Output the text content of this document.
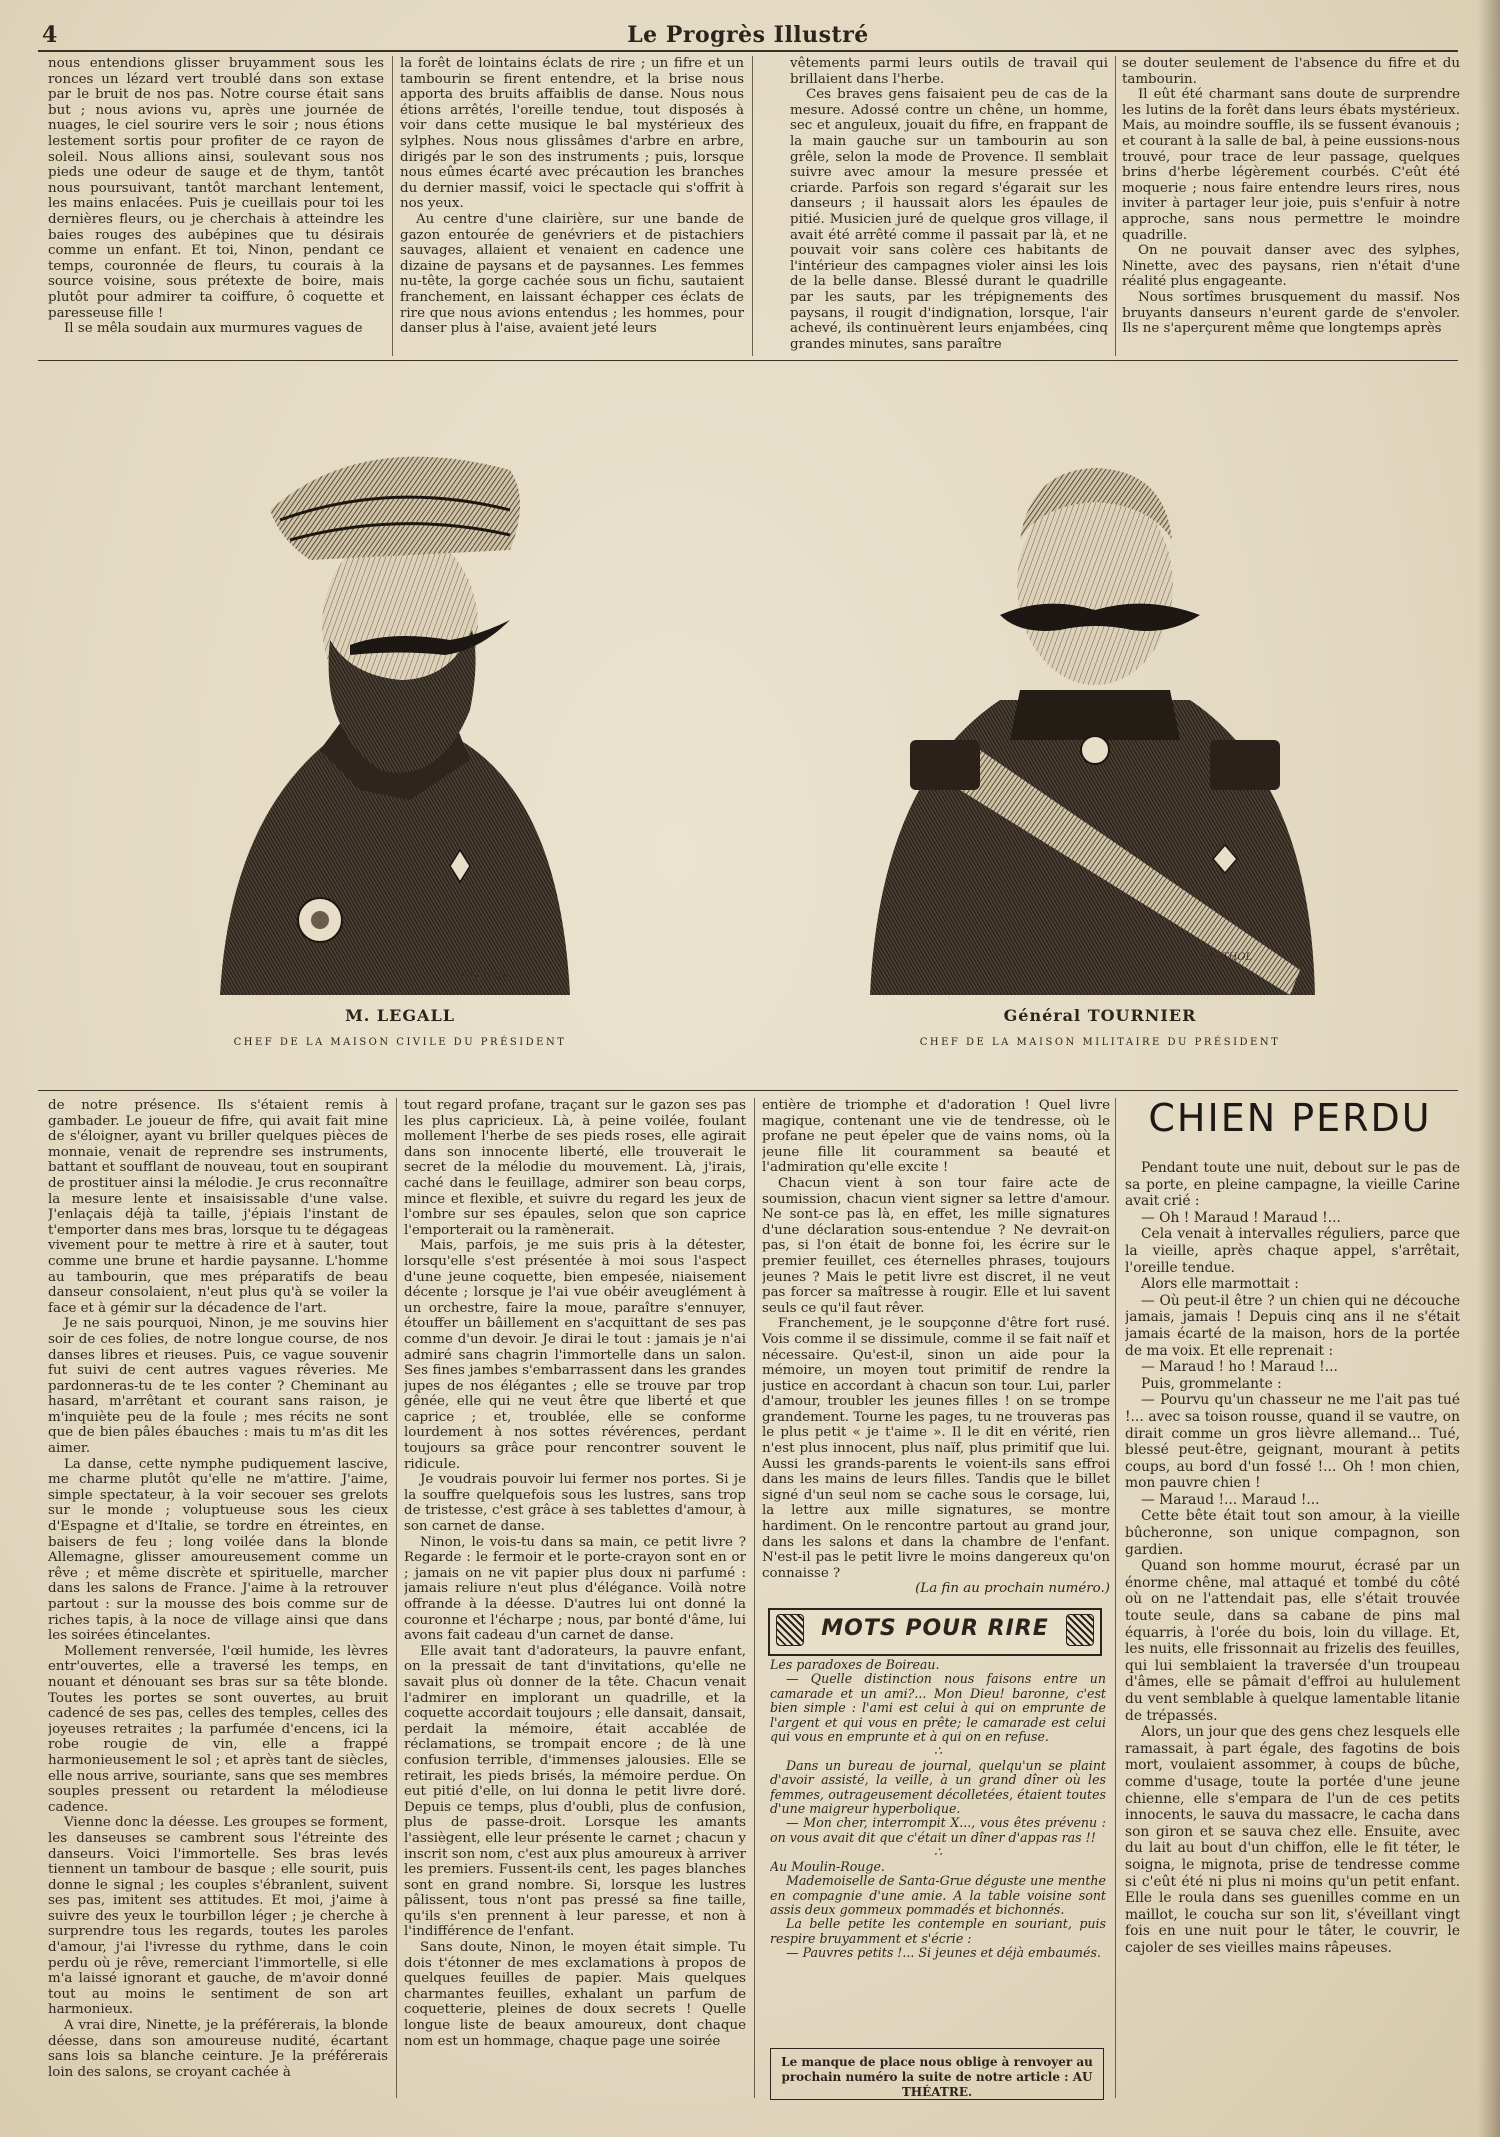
4	Le Progrès Illustré

nous entendions glisser bruyamment sous les ronces un lézard vert troublé dans son extase par le bruit de nos pas. Notre course était sans but ; nous avions vu, après une journée de nuages, le ciel sourire vers le soir ; nous étions lestement sortis pour profiter de ce rayon de soleil. Nous allions ainsi, soulevant sous nos pieds une odeur de sauge et de thym, tantôt nous poursuivant, tantôt marchant lentement, les mains enlacées. Puis je cueillais pour toi les dernières fleurs, ou je cherchais à atteindre les baies rouges des aubépines que tu désirais comme un enfant. Et toi, Ninon, pendant ce temps, couronnée de fleurs, tu courais à la source voisine, sous prétexte de boire, mais plutôt pour admirer ta coiffure, ô coquette et paresseuse fille !

Il se mêla soudain aux murmures vagues de

la forêt de lointains éclats de rire ; un fifre et un tambourin se firent entendre, et la brise nous apporta des bruits affaiblis de danse. Nous nous étions arrêtés, l'oreille tendue, tout disposés à voir dans cette musique le bal mystérieux des sylphes. Nous nous glissâmes d'arbre en arbre, dirigés par le son des instruments ; puis, lorsque nous eûmes écarté avec précaution les branches du dernier massif, voici le spectacle qui s'offrit à nos yeux.

Au centre d'une clairière, sur une bande de gazon entourée de genévriers et de pistachiers sauvages, allaient et venaient en cadence une dizaine de paysans et de paysannes. Les femmes nu-tête, la gorge cachée sous un fichu, sautaient franchement, en laissant échapper ces éclats de rire que nous avions entendus ; les hommes, pour danser plus à l'aise, avaient jeté leurs

vêtements parmi leurs outils de travail qui brillaient dans l'herbe.

Ces braves gens faisaient peu de cas de la mesure. Adossé contre un chêne, un homme, sec et anguleux, jouait du fifre, en frappant de la main gauche sur un tambourin au son grêle, selon la mode de Provence. Il semblait suivre avec amour la mesure pressée et criarde. Parfois son regard s'égarait sur les danseurs ; il haussait alors les épaules de pitié. Musicien juré de quelque gros village, il avait été arrêté comme il passait par là, et ne pouvait voir sans colère ces habitants de l'intérieur des campagnes violer ainsi les lois de la belle danse. Blessé durant le quadrille par les sauts, par les trépignements des paysans, il rougit d'indignation, lorsque, l'air achevé, ils continuèrent leurs enjambées, cinq grandes minutes, sans paraître

se douter seulement de l'absence du fifre et du tambourin.

Il eût été charmant sans doute de surprendre les lutins de la forêt dans leurs ébats mystérieux. Mais, au moindre souffle, ils se fussent évanouis ; et courant à la salle de bal, à peine eussions-nous trouvé, pour trace de leur passage, quelques brins d'herbe légèrement courbés. C'eût été moquerie ; nous faire entendre leurs rires, nous inviter à partager leur joie, puis s'enfuir à notre approche, sans nous permettre le moindre quadrille.

On ne pouvait danser avec des sylphes, Ninette, avec des paysans, rien n'était d'une réalité plus engageante.

Nous sortîmes brusquement du massif. Nos bruyants danseurs n'eurent garde de s'envoler. Ils ne s'aperçurent même que longtemps après

BARTHOL
M. LEGALL
CHEF DE LA MAISON CIVILE DU PRÉSIDENT
BARTHOL
Général TOURNIER
CHEF DE LA MAISON MILITAIRE DU PRÉSIDENT

de notre présence. Ils s'étaient remis à gambader. Le joueur de fifre, qui avait fait mine de s'éloigner, ayant vu briller quelques pièces de monnaie, venait de reprendre ses instruments, battant et soufflant de nouveau, tout en soupirant de prostituer ainsi la mélodie. Je crus reconnaître la mesure lente et insaisissable d'une valse. J'enlaçais déjà ta taille, j'épiais l'instant de t'emporter dans mes bras, lorsque tu te dégageas vivement pour te mettre à rire et à sauter, tout comme une brune et hardie paysanne. L'homme au tambourin, que mes préparatifs de beau danseur consolaient, n'eut plus qu'à se voiler la face et à gémir sur la décadence de l'art.

Je ne sais pourquoi, Ninon, je me souvins hier soir de ces folies, de notre longue course, de nos danses libres et rieuses. Puis, ce vague souvenir fut suivi de cent autres vagues rêveries. Me pardonneras-tu de te les conter ? Cheminant au hasard, m'arrêtant et courant sans raison, je m'inquiète peu de la foule ; mes récits ne sont que de bien pâles ébauches : mais tu m'as dit les aimer.

La danse, cette nymphe pudiquement lascive, me charme plutôt qu'elle ne m'attire. J'aime, simple spectateur, à la voir secouer ses grelots sur le monde ; voluptueuse sous les cieux d'Espagne et d'Italie, se tordre en étreintes, en baisers de feu ; long voilée dans la blonde Allemagne, glisser amoureusement comme un rêve ; et même discrète et spirituelle, marcher dans les salons de France. J'aime à la retrouver partout : sur la mousse des bois comme sur de riches tapis, à la noce de village ainsi que dans les soirées étincelantes.

Mollement renversée, l'œil humide, les lèvres entr'ouvertes, elle a traversé les temps, en nouant et dénouant ses bras sur sa tête blonde. Toutes les portes se sont ouvertes, au bruit cadencé de ses pas, celles des temples, celles des joyeuses retraites ; la parfumée d'encens, ici la robe rougie de vin, elle a frappé harmonieusement le sol ; et après tant de siècles, elle nous arrive, souriante, sans que ses membres souples pressent ou retardent la mélodieuse cadence.

Vienne donc la déesse. Les groupes se forment, les danseuses se cambrent sous l'étreinte des danseurs. Voici l'immortelle. Ses bras levés tiennent un tambour de basque ; elle sourit, puis donne le signal ; les couples s'ébranlent, suivent ses pas, imitent ses attitudes. Et moi, j'aime à suivre des yeux le tourbillon léger ; je cherche à surprendre tous les regards, toutes les paroles d'amour, j'ai l'ivresse du rythme, dans le coin perdu où je rêve, remerciant l'immortelle, si elle m'a laissé ignorant et gauche, de m'avoir donné tout au moins le sentiment de son art harmonieux.

A vrai dire, Ninette, je la préférerais, la blonde déesse, dans son amoureuse nudité, écartant sans lois sa blanche ceinture. Je la préférerais loin des salons, se croyant cachée à

tout regard profane, traçant sur le gazon ses pas les plus capricieux. Là, à peine voilée, foulant mollement l'herbe de ses pieds roses, elle agirait dans son innocente liberté, elle trouverait le secret de la mélodie du mouvement. Là, j'irais, caché dans le feuillage, admirer son beau corps, mince et flexible, et suivre du regard les jeux de l'ombre sur ses épaules, selon que son caprice l'emporterait ou la ramènerait.

Mais, parfois, je me suis pris à la détester, lorsqu'elle s'est présentée à moi sous l'aspect d'une jeune coquette, bien empesée, niaisement décente ; lorsque je l'ai vue obéir aveuglément à un orchestre, faire la moue, paraître s'ennuyer, étouffer un bâillement en s'acquittant de ses pas comme d'un devoir. Je dirai le tout : jamais je n'ai admiré sans chagrin l'immortelle dans un salon. Ses fines jambes s'embarrassent dans les grandes jupes de nos élégantes ; elle se trouve par trop gênée, elle qui ne veut être que liberté et que caprice ; et, troublée, elle se conforme lourdement à nos sottes révérences, perdant toujours sa grâce pour rencontrer souvent le ridicule.

Je voudrais pouvoir lui fermer nos portes. Si je la souffre quelquefois sous les lustres, sans trop de tristesse, c'est grâce à ses tablettes d'amour, à son carnet de danse.

Ninon, le vois-tu dans sa main, ce petit livre ? Regarde : le fermoir et le porte-crayon sont en or ; jamais on ne vit papier plus doux ni parfumé : jamais reliure n'eut plus d'élégance. Voilà notre offrande à la déesse. D'autres lui ont donné la couronne et l'écharpe ; nous, par bonté d'âme, lui avons fait cadeau d'un carnet de danse.

Elle avait tant d'adorateurs, la pauvre enfant, on la pressait de tant d'invitations, qu'elle ne savait plus où donner de la tête. Chacun venait l'admirer en implorant un quadrille, et la coquette accordait toujours ; elle dansait, dansait, perdait la mémoire, était accablée de réclamations, se trompait encore ; de là une confusion terrible, d'immenses jalousies. Elle se retirait, les pieds brisés, la mémoire perdue. On eut pitié d'elle, on lui donna le petit livre doré. Depuis ce temps, plus d'oubli, plus de confusion, plus de passe-droit. Lorsque les amants l'assiègent, elle leur présente le carnet ; chacun y inscrit son nom, c'est aux plus amoureux à arriver les premiers. Fussent-ils cent, les pages blanches sont en grand nombre. Si, lorsque les lustres pâlissent, tous n'ont pas pressé sa fine taille, qu'ils s'en prennent à leur paresse, et non à l'indifférence de l'enfant.

Sans doute, Ninon, le moyen était simple. Tu dois t'étonner de mes exclamations à propos de quelques feuilles de papier. Mais quelques charmantes feuilles, exhalant un parfum de coquetterie, pleines de doux secrets ! Quelle longue liste de beaux amoureux, dont chaque nom est un hommage, chaque page une soirée

entière de triomphe et d'adoration ! Quel livre magique, contenant une vie de tendresse, où le profane ne peut épeler que de vains noms, où la jeune fille lit couramment sa beauté et l'admiration qu'elle excite !

Chacun vient à son tour faire acte de soumission, chacun vient signer sa lettre d'amour. Ne sont-ce pas là, en effet, les mille signatures d'une déclaration sous-entendue ? Ne devrait-on pas, si l'on était de bonne foi, les écrire sur le premier feuillet, ces éternelles phrases, toujours jeunes ? Mais le petit livre est discret, il ne veut pas forcer sa maîtresse à rougir. Elle et lui savent seuls ce qu'il faut rêver.

Franchement, je le soupçonne d'être fort rusé. Vois comme il se dissimule, comme il se fait naïf et nécessaire. Qu'est-il, sinon un aide pour la mémoire, un moyen tout primitif de rendre la justice en accordant à chacun son tour. Lui, parler d'amour, troubler les jeunes filles ! on se trompe grandement. Tourne les pages, tu ne trouveras pas le plus petit « je t'aime ». Il le dit en vérité, rien n'est plus innocent, plus naïf, plus primitif que lui. Aussi les grands-parents le voient-ils sans effroi dans les mains de leurs filles. Tandis que le billet signé d'un seul nom se cache sous le corsage, lui, la lettre aux mille signatures, se montre hardiment. On le rencontre partout au grand jour, dans les salons et dans la chambre de l'enfant. N'est-il pas le petit livre le moins dangereux qu'on connaisse ?

(La fin au prochain numéro.)

MOTS POUR RIRE

Les paradoxes de Boireau.

— Quelle distinction nous faisons entre un camarade et un ami?... Mon Dieu! baronne, c'est bien simple : l'ami est celui à qui on emprunte de l'argent et qui vous en prête; le camarade est celui qui vous en emprunte et à qui on en refuse.

∴

Dans un bureau de journal, quelqu'un se plaint d'avoir assisté, la veille, à un grand dîner où les femmes, outrageusement décolletées, étaient toutes d'une maigreur hyperbolique.

— Mon cher, interrompit X..., vous êtes prévenu : on vous avait dit que c'était un dîner d'appas ras !!

∴

Au Moulin-Rouge.

Mademoiselle de Santa-Grue déguste une menthe en compagnie d'une amie. A la table voisine sont assis deux gommeux pommadés et bichonnés.

La belle petite les contemple en souriant, puis respire bruyamment et s'écrie :

— Pauvres petits !... Si jeunes et déjà embaumés.

Le manque de place nous oblige à renvoyer au prochain numéro la suite de notre article : AU THÉATRE.
CHIEN PERDU

Pendant toute une nuit, debout sur le pas de sa porte, en pleine campagne, la vieille Carine avait crié :

— Oh ! Maraud ! Maraud !...

Cela venait à intervalles réguliers, parce que la vieille, après chaque appel, s'arrêtait, l'oreille tendue.

Alors elle marmottait :

— Où peut-il être ? un chien qui ne découche jamais, jamais ! Depuis cinq ans il ne s'était jamais écarté de la maison, hors de la portée de ma voix. Et elle reprenait :

— Maraud ! ho ! Maraud !...

Puis, grommelante :

— Pourvu qu'un chasseur ne me l'ait pas tué !... avec sa toison rousse, quand il se vautre, on dirait comme un gros lièvre allemand... Tué, blessé peut-être, geignant, mourant à petits coups, au bord d'un fossé !... Oh ! mon chien, mon pauvre chien !

— Maraud !... Maraud !...

Cette bête était tout son amour, à la vieille bûcheronne, son unique compagnon, son gardien.

Quand son homme mourut, écrasé par un énorme chêne, mal attaqué et tombé du côté où on ne l'attendait pas, elle s'était trouvée toute seule, dans sa cabane de pins mal équarris, à l'orée du bois, loin du village. Et, les nuits, elle frissonnait au frizelis des feuilles, qui lui semblaient la traversée d'un troupeau d'âmes, elle se pâmait d'effroi au hululement du vent semblable à quelque lamentable litanie de trépassés.

Alors, un jour que des gens chez lesquels elle ramassait, à part égale, des fagotins de bois mort, voulaient assommer, à coups de bûche, comme d'usage, toute la portée d'une jeune chienne, elle s'empara de l'un de ces petits innocents, le sauva du massacre, le cacha dans son giron et se sauva chez elle. Ensuite, avec du lait au bout d'un chiffon, elle le fit téter, le soigna, le mignota, prise de tendresse comme si c'eût été ni plus ni moins qu'un petit enfant. Elle le roula dans ses guenilles comme en un maillot, le coucha sur son lit, s'éveillant vingt fois en une nuit pour le tâter, le couvrir, le cajoler de ses vieilles mains râpeuses.
